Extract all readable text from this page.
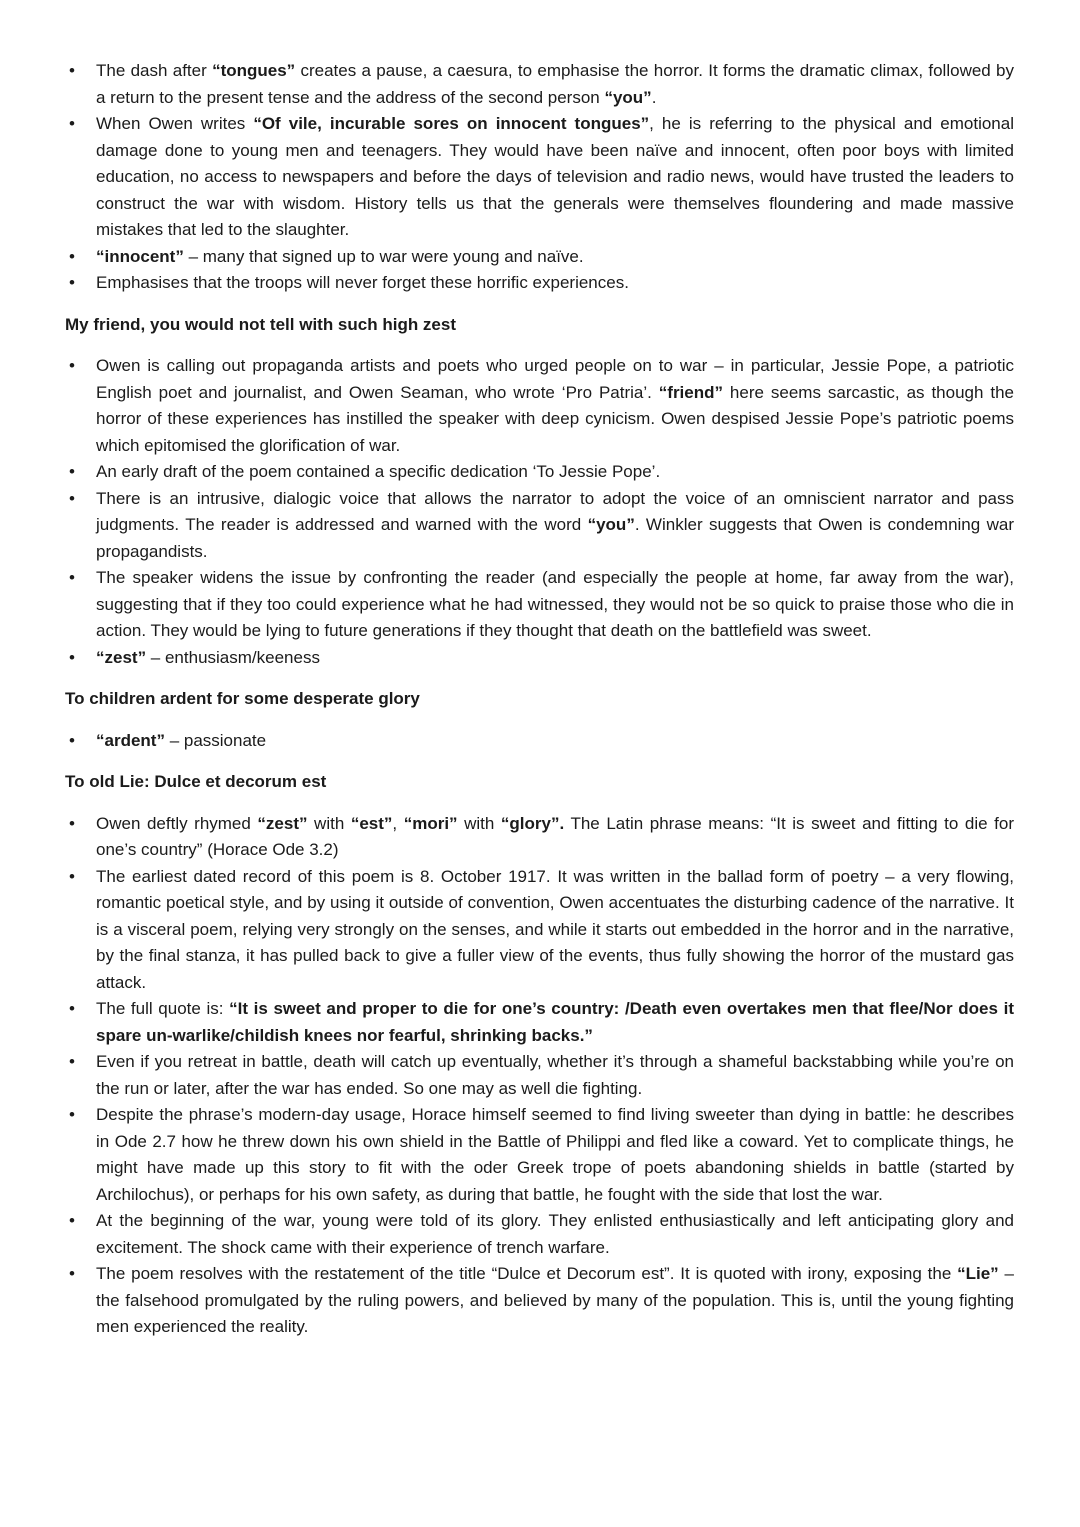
• The dash after “tongues” creates a pause, a caesura, to emphasise the horror. It forms the dramatic climax, followed by a return to the present tense and the address of the second person “you”.
• When Owen writes “Of vile, incurable sores on innocent tongues”, he is referring to the physical and emotional damage done to young men and teenagers. They would have been naïve and innocent, often poor boys with limited education, no access to newspapers and before the days of television and radio news, would have trusted the leaders to construct the war with wisdom. History tells us that the generals were themselves floundering and made massive mistakes that led to the slaughter.
• “innocent” – many that signed up to war were young and naïve.
• Emphasises that the troops will never forget these horrific experiences.
My friend, you would not tell with such high zest
• Owen is calling out propaganda artists and poets who urged people on to war – in particular, Jessie Pope, a patriotic English poet and journalist, and Owen Seaman, who wrote ‘Pro Patria’. “friend” here seems sarcastic, as though the horror of these experiences has instilled the speaker with deep cynicism. Owen despised Jessie Pope’s patriotic poems which epitomised the glorification of war.
• An early draft of the poem contained a specific dedication ‘To Jessie Pope’.
• There is an intrusive, dialogic voice that allows the narrator to adopt the voice of an omniscient narrator and pass judgments. The reader is addressed and warned with the word “you”. Winkler suggests that Owen is condemning war propagandists.
• The speaker widens the issue by confronting the reader (and especially the people at home, far away from the war), suggesting that if they too could experience what he had witnessed, they would not be so quick to praise those who die in action. They would be lying to future generations if they thought that death on the battlefield was sweet.
• “zest” – enthusiasm/keeness
To children ardent for some desperate glory
• “ardent” – passionate
To old Lie: Dulce et decorum est
• Owen deftly rhymed “zest” with “est”, “mori” with “glory”. The Latin phrase means: “It is sweet and fitting to die for one’s country” (Horace Ode 3.2)
• The earliest dated record of this poem is 8. October 1917. It was written in the ballad form of poetry – a very flowing, romantic poetical style, and by using it outside of convention, Owen accentuates the disturbing cadence of the narrative. It is a visceral poem, relying very strongly on the senses, and while it starts out embedded in the horror and in the narrative, by the final stanza, it has pulled back to give a fuller view of the events, thus fully showing the horror of the mustard gas attack.
• The full quote is: “It is sweet and proper to die for one’s country: /Death even overtakes men that flee/Nor does it spare un-warlike/childish knees nor fearful, shrinking backs.”
• Even if you retreat in battle, death will catch up eventually, whether it’s through a shameful backstabbing while you’re on the run or later, after the war has ended. So one may as well die fighting.
• Despite the phrase’s modern-day usage, Horace himself seemed to find living sweeter than dying in battle: he describes in Ode 2.7 how he threw down his own shield in the Battle of Philippi and fled like a coward. Yet to complicate things, he might have made up this story to fit with the oder Greek trope of poets abandoning shields in battle (started by Archilochus), or perhaps for his own safety, as during that battle, he fought with the side that lost the war.
• At the beginning of the war, young were told of its glory. They enlisted enthusiastically and left anticipating glory and excitement. The shock came with their experience of trench warfare.
• The poem resolves with the restatement of the title “Dulce et Decorum est”. It is quoted with irony, exposing the “Lie” – the falsehood promulgated by the ruling powers, and believed by many of the population. This is, until the young fighting men experienced the reality.
